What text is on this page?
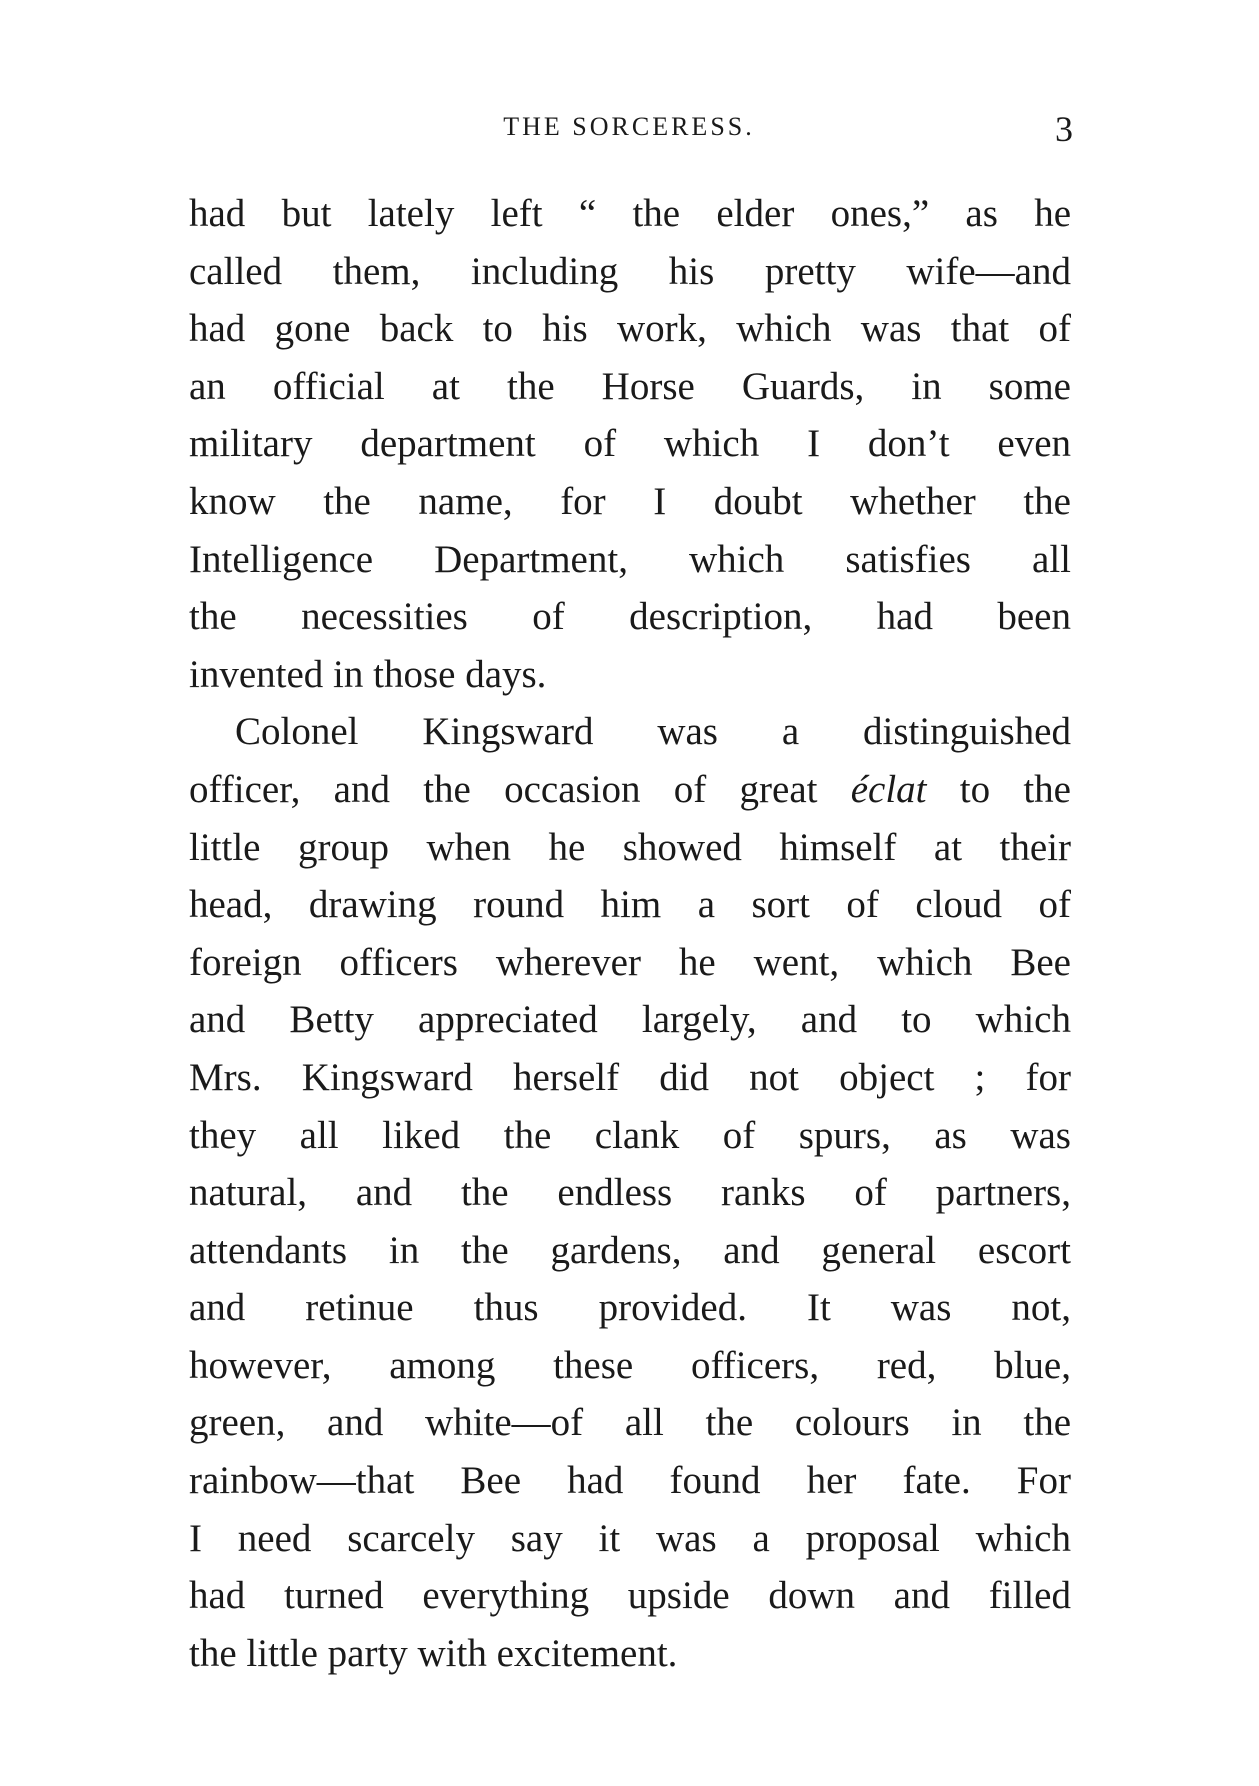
THE SORCERESS.	3
had but lately left “ the elder ones,” as he
called them, including his pretty wife—and
had gone back to his work, which was that of
an official at the Horse Guards, in some
military department of which I don’t even
know the name, for I doubt whether the
Intelligence Department, which satisfies all
the necessities of description, had been
invented in those days.
Colonel Kingsward was a distinguished
officer, and the occasion of great éclat to the
little group when he showed himself at their
head, drawing round him a sort of cloud of
foreign officers wherever he went, which Bee
and Betty appreciated largely, and to which
Mrs. Kingsward herself did not object ; for
they all liked the clank of spurs, as was
natural, and the endless ranks of partners,
attendants in the gardens, and general escort
and retinue thus provided. It was not,
however, among these officers, red, blue,
green, and white—of all the colours in the
rainbow—that Bee had found her fate. For
I need scarcely say it was a proposal which
had turned everything upside down and filled
the little party with excitement.
